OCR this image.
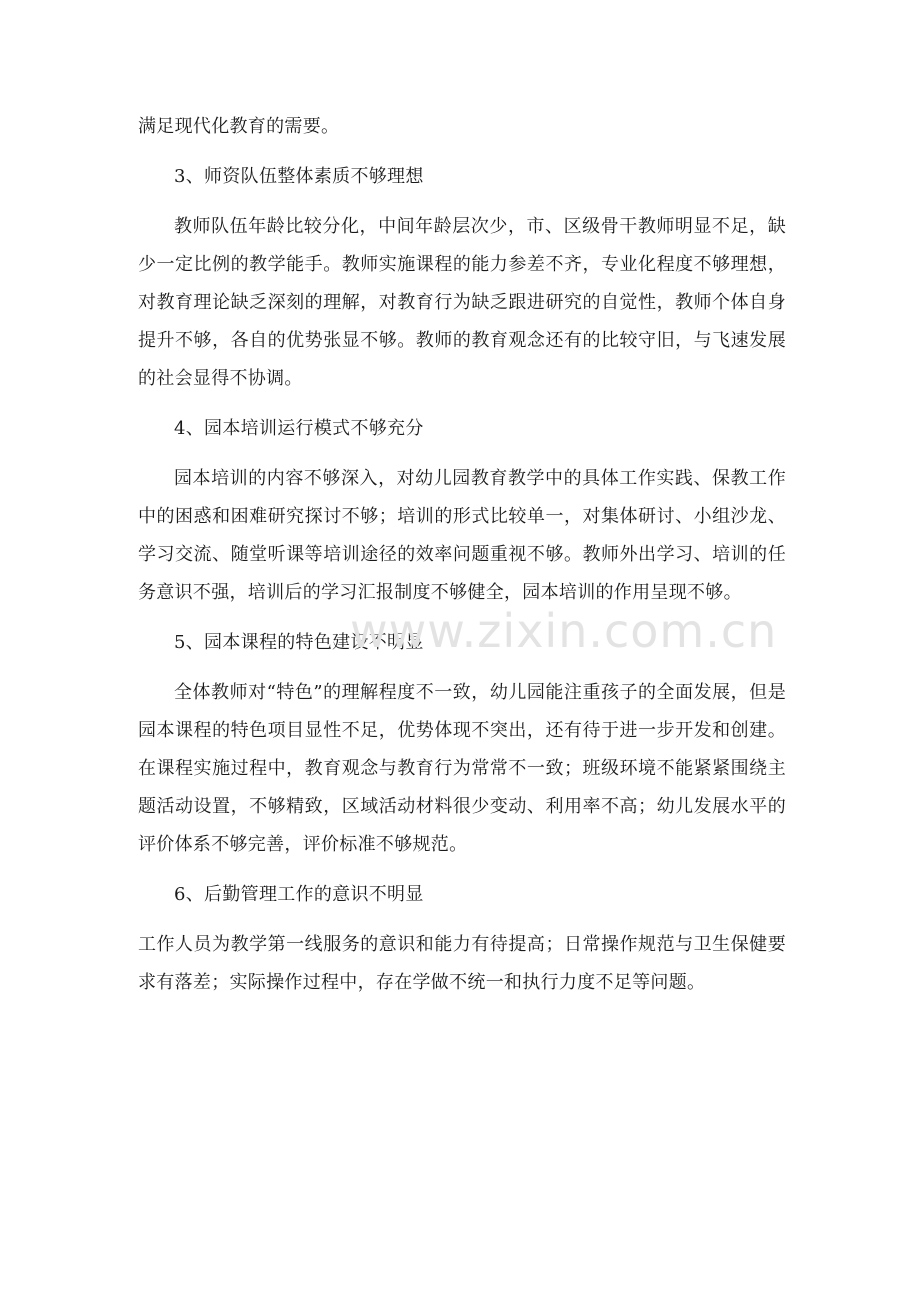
满足现代化教育的需要。

3、师资队伍整体素质不够理想

教师队伍年龄比较分化，中间年龄层次少，市、区级骨干教师明显不足，缺少一定比例的教学能手。教师实施课程的能力参差不齐，专业化程度不够理想，对教育理论缺乏深刻的理解，对教育行为缺乏跟进研究的自觉性，教师个体自身提升不够，各自的优势张显不够。教师的教育观念还有的比较守旧，与飞速发展的社会显得不协调。

4、园本培训运行模式不够充分

园本培训的内容不够深入，对幼儿园教育教学中的具体工作实践、保教工作中的困惑和困难研究探讨不够；培训的形式比较单一，对集体研讨、小组沙龙、学习交流、随堂听课等培训途径的效率问题重视不够。教师外出学习、培训的任务意识不强，培训后的学习汇报制度不够健全，园本培训的作用呈现不够。

5、园本课程的特色建设不明显

全体教师对“特色”的理解程度不一致，幼儿园能注重孩子的全面发展，但是园本课程的特色项目显性不足，优势体现不突出，还有待于进一步开发和创建。在课程实施过程中，教育观念与教育行为常常不一致；班级环境不能紧紧围绕主题活动设置，不够精致，区域活动材料很少变动、利用率不高；幼儿发展水平的评价体系不够完善，评价标准不够规范。

6、后勤管理工作的意识不明显

工作人员为教学第一线服务的意识和能力有待提高；日常操作规范与卫生保健要求有落差；实际操作过程中，存在学做不统一和执行力度不足等问题。

www.zixin.com.cn
